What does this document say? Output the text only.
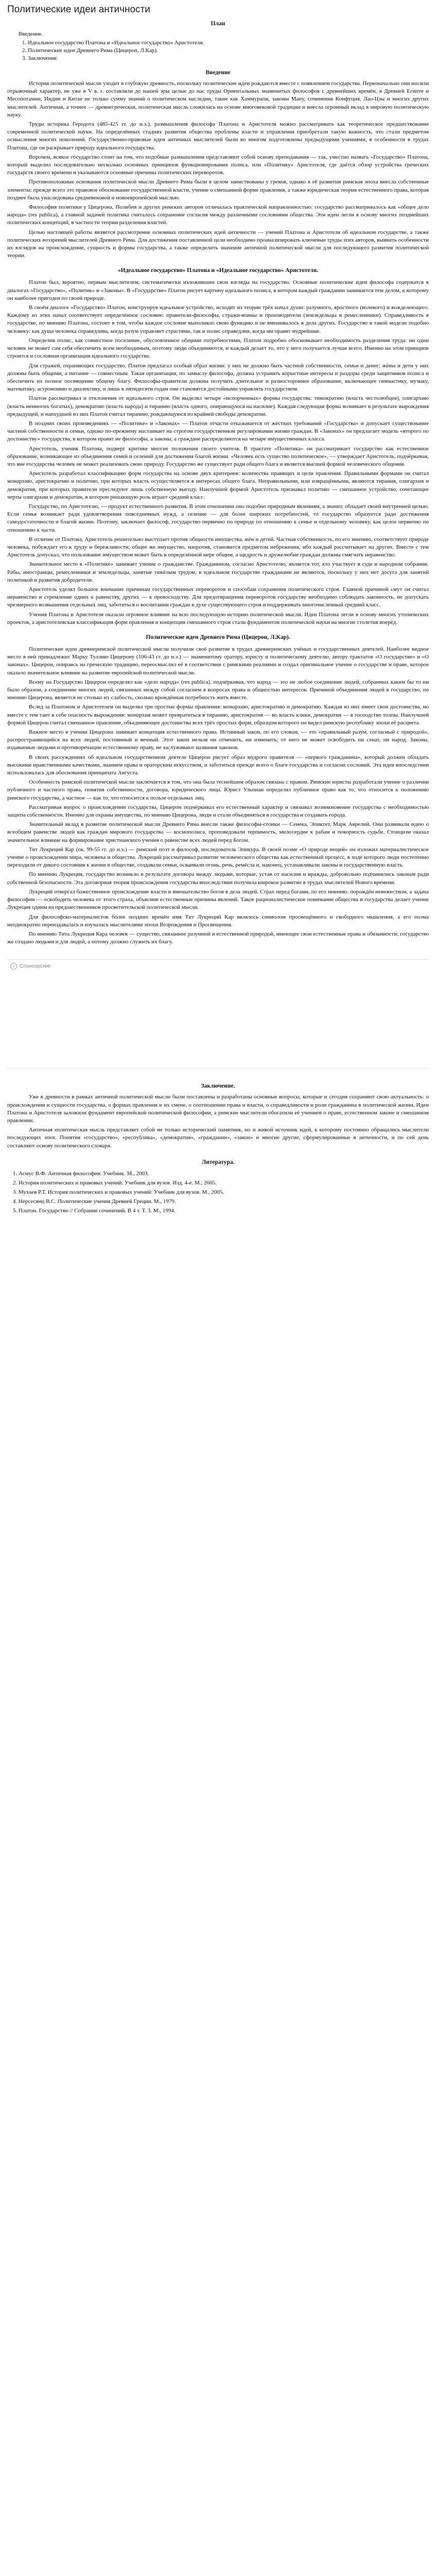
Политические идеи античности
План
Введение.
1. Идеальное государство Платона и «Идеальное государство» Аристотеля.
2. Политические идеи Древнего Рима (Цицерон, Л.Кар).
3. Заключение.
Введение

История политической мысли уходит в глубокую древность, поскольку политические идеи рождаются вместе с появлением государства. Первоначально они носили отрывочный характер, не уже в V в. г. составляли до нашей эры целые до нас труды Ориентальных знаменитых философов с древнейших времён, в Древней Египте и Месопотамии, Индии и Китае не только сумму знаний о политическом наследии, такие как Хаммурапи, законы Ману, сочинения Конфуция, Лао-Цзы и многих других мыслителей. Античная, а точнее — древнегреческая, политическая мысль сложилась на основе многовековой традиции и внесла огромный вклад в мировую политическую науку.

Труды историка Геродота (485-425 гг. до н.э.), размышления философа Платона и Аристотеля можно рассматривать как теоретическое предшествование современной политической науки. На определённых стадиях развития общества проблемы власти и управления приобретали такую важность, что стали предметом осмысления многих поколений. Государственно-правовые идеи античных мыслителей были во многом подготовлены предыдущими учениями, в особенности в трудах Платона, где он раскрывает природу идеального государства.

Впрочем, всякое государство стоит на том, что подобные размышления представляют собой основу преподавания — так, уместно назвать «Государство» Платона, который выделил последовательно несколько основных принципов функционирования полиса, или «Политику» Аристотеля, где даётся обзор устройства греческих государств своего времени и указываются основные причины политических переворотов.

Противоположные основания политической мысли Древнего Рима были в целом заимствованы у греков, однако в её развитии римская эпоха внесла собственные элементы: прежде всего это правовое обоснование государственной власти, учение о смешанной форме правления, а также юридическая теория естественного права, которая позднее была унаследована средневековой и новоевропейской мыслью.

Философия политики у Цицерона, Полибия и других римских авторов отличалась практической направленностью: государство рассматривалось как «общее дело народа» (res publica), а главной задачей политика считалось сохранение согласия между различными сословиями общества. Эти идеи легли в основу многих позднейших политических концепций, в частности теории разделения властей.

Целью настоящей работы является рассмотрение основных политических идей античности — учений Платона и Аристотеля об идеальном государстве, а также политических воззрений мыслителей Древнего Рима. Для достижения поставленной цели необходимо проанализировать ключевые труды этих авторов, выявить особенности их взглядов на происхождение, сущность и формы государства, а также определить значение античной политической мысли для последующего развития политической теории.

«Идеальное государство» Платона и «Идеальное государство» Аристотеля.

Платон был, вероятно, первым мыслителем, систематически изложившим свои взгляды на государство. Основные политические идеи философа содержатся в диалогах «Государство», «Политик» и «Законы». В «Государстве» Платон рисует картину идеального полиса, в котором каждый гражданин занимается тем делом, к которому он наиболее пригоден по своей природе.

В своём диалоге «Государство» Платон, конструируя идеальное устройство, исходит из теории трёх начал души: разумного, яростного (волевого) и вожделеющего. Каждому из этих начал соответствует определённое сословие: правители-философы, стражи-воины и производители (земледельцы и ремесленники). Справедливость в государстве, по мнению Платона, состоит в том, чтобы каждое сословие выполняло свою функцию и не вмешивалось в дела других. Государство в такой модели подобно человеку: как душа человека справедлива, когда разум управляет страстями, так и полис справедлив, когда им правят мудрейшие.

Определив полис, как совместное поселение, обусловленное общими потребностями, Платон подробно обосновывает необходимость разделения труда: ни один человек не может сам себя обеспечить всем необходимым, поэтому люди объединяются, и каждый делает то, что у него получается лучше всего. Именно на этом принципе строится и сословная организация идеального государства.

Для стражей, охраняющих государство, Платон предлагал особый образ жизни: у них не должно быть частной собственности, семьи и денег; жёны и дети у них должны быть общими, а питание — совместным. Такая организация, по замыслу философа, должна устранить корыстные интересы и раздоры среди защитников полиса и обеспечить их полное посвящение общему благу. Философы-правители должны получить длительное и разностороннее образование, включающее гимнастику, музыку, математику, астрономию и диалектику, и лишь к пятидесяти годам они становятся достойными управлять государством.

Платон рассматривал и отклонения от идеального строя. Он выделял четыре «испорченных» формы государства: тимократию (власть честолюбцев), олигархию (власть немногих богатых), демократию (власть народа) и тиранию (власть одного, опирающуюся на насилие). Каждая следующая форма возникает в результате вырождения предыдущей, и наихудшей из них Платон считал тиранию, рождающуюся из крайней свободы демократии.

В поздних своих произведениях — «Политике» и «Законах» — Платон отчасти отказывается от жёстких требований «Государства» и допускает существование частной собственности и семьи, однако по-прежнему настаивает на строгом государственном регулировании жизни граждан. В «Законах» он предлагает модель «второго по достоинству» государства, в котором правят не философы, а законы, а граждане распределяются на четыре имущественных класса.

Аристотель, ученик Платона, подверг критике многие положения своего учителя. В трактате «Политика» он рассматривает государство как естественное образование, возникающее из объединения семей и селений для достижения благой жизни. «Человек есть существо политическое», — утверждает Аристотель, подчёркивая, что вне государства человек не может реализовать свою природу. Государство же существует ради общего блага и является высшей формой человеческого общения.

Аристотель разработал классификацию форм государства на основе двух критериев: количества правящих и цели правления. Правильными формами он считал монархию, аристократию и политию, при которых власть осуществляется в интересах общего блага. Неправильными, или извращёнными, являются тирания, олигархия и демократия, при которых правители преследуют лишь собственную выгоду. Наилучшей формой Аристотель признавал политию — смешанное устройство, сочетающее черты олигархии и демократии, в котором решающую роль играет средний класс.

Государство, по Аристотелю, — продукт естественного развития. В этом отношении оно подобно природным явлениям, а значит, обладает своей внутренней целью. Если семья возникает ради удовлетворения повседневных нужд, а селение — для более широких потребностей, то государство образуется ради достижения самодостаточности и благой жизни. Поэтому, заключает философ, государство первично по природе по отношению к семье и отдельному человеку, как целое первично по отношению к части.

В отличие от Платона, Аристотель решительно выступает против общности имущества, жён и детей. Частная собственность, по его мнению, соответствует природе человека, побуждает его к труду и бережливости; общее же имущество, напротив, становится предметом небрежения, ибо каждый рассчитывает на других. Вместе с тем Аристотель допускал, что пользование имуществом может быть в определённой мере общим, а щедрость и дружелюбие граждан должны смягчать неравенство.

Значительное место в «Политике» занимает учение о гражданстве. Гражданином, согласно Аристотелю, является тот, кто участвует в суде и народном собрании. Рабы, иностранцы, ремесленники и земледельцы, занятые тяжёлым трудом, в идеальном государстве гражданами не являются, поскольку у них нет досуга для занятий политикой и развития добродетели.

Аристотель уделял большое внимание причинам государственных переворотов и способам сохранения политического строя. Главной причиной смут он считал неравенство и стремление одних к равенству, других — к превосходству. Для предотвращения переворотов государству необходимо соблюдать законность, не допускать чрезмерного возвышения отдельных лиц, заботиться о воспитании граждан в духе существующего строя и поддерживать многочисленный средний класс.

Учения Платона и Аристотеля оказали огромное влияние на всю последующую историю политической мысли. Идеи Платона легли в основу многих утопических проектов, а аристотелевская классификация форм правления и концепция смешанного строя стали фундаментом политической науки на многие столетия вперёд.

Политические идеи Древнего Рима (Цицерон, Л.Кар).

Политические идеи древнеримской политической мысли получили своё развитие в трудах древнеримских учёных и государственных деятелей. Наиболее видное место в ней принадлежит Марку Туллию Цицерону (106-43 гг. до н.э.) — знаменитому оратору, юристу и политическому деятелю, автору трактатов «О государстве» и «О законах». Цицерон, опираясь на греческую традицию, переосмыслил её в соответствии с римскими реалиями и создал оригинальное учение о государстве и праве, которое оказало значительное влияние на развитие европейской политической мысли.

Всему на Государство Цицерон определял как «дело народа» (res publica), подчёркивая, что народ — это не любое соединение людей, собранных каким бы то ни было образом, а соединение многих людей, связанных между собой согласием в вопросах права и общностью интересов. Причиной объединения людей в государство, по мнению Цицерона, является не столько их слабость, сколько врождённая потребность жить вместе.

Вслед за Платоном и Аристотелем он выделял три простые формы правления: монархию, аристократию и демократию. Каждая из них имеет свои достоинства, но вместе с тем таит в себе опасность вырождения: монархия может превратиться в тиранию, аристократия — во власть клики, демократия — в господство толпы. Наилучшей формой Цицерон считал смешанное правление, объединяющее достоинства всех трёх простых форм, образцом которого он видел римскую республику эпохи её расцвета.

Важное место в учении Цицерона занимает концепция естественного права. Истинный закон, по его словам, — это «правильный разум, согласный с природой», распространяющийся на всех людей, постоянный и вечный. Этот закон нельзя ни отменить, ни изменить; от него не может освободить ни сенат, ни народ. Законы, издаваемые людьми и противоречащие естественному праву, не заслуживают названия законов.

В своих рассуждениях об идеальном государственном деятеле Цицерон рисует образ мудрого правителя — «первого гражданина», который должен обладать высокими нравственными качествами, знанием права и ораторским искусством, и заботиться прежде всего о благе государства и согласии сословий. Эта идея впоследствии использовалась для обоснования принципата Августа.

Особенность римской политической мысли заключается в том, что она была теснейшим образом связана с правом. Римские юристы разработали учение о различии публичного и частного права, понятия собственности, договора, юридического лица. Юрист Ульпиан определял публичное право как то, что относится к положению римского государства, а частное — как то, что относится к пользе отдельных лиц.

Рассматривая вопрос о происхождении государства, Цицерон подчёркивал его естественный характер и связывал возникновение государства с необходимостью защиты собственности. Именно для охраны имущества, по мнению Цицерона, люди и стали объединяться в государства и создавать города.

Значительный вклад в развитие политической мысли Древнего Рима внесли также философы-стоики — Сенека, Эпиктет, Марк Аврелий. Они развивали идею о всеобщем равенстве людей как граждан мирового государства — космополиса, проповедовали терпимость, милосердие к рабам и покорность судьбе. Стоицизм оказал значительное влияние на формирование христианского учения о равенстве всех людей перед Богом.

Тит Лукреций Кар (ок. 99-55 гг. до н.э.) — римский поэт и философ, последователь Эпикура. В своей поэме «О природе вещей» он изложил материалистическое учение о происхождении мира, человека и общества. Лукреций рассматривал развитие человеческого общества как естественный процесс, в ходе которого люди постепенно переходили от дикого состояния к жизни в обществе, создавали семьи, осваивали огонь, речь, ремёсла и, наконец, устанавливали законы и государственную власть.

По мнению Лукреция, государство возникло в результате договора между людьми, которые, устав от насилия и вражды, добровольно подчинились законам ради собственной безопасности. Эта договорная теория происхождения государства впоследствии получила широкое развитие в трудах мыслителей Нового времени.

Лукреций отвергал божественное происхождение власти и вмешательство богов в дела людей. Страх перед богами, по его мнению, порождён невежеством, а задача философии — освободить человека от этого страха, объяснив естественные причины явлений. Такое рационалистическое понимание общества и государства делает учение Лукреция одним из предшественников просветительской политической мысли.

Для философско-материалистов более поздних времён имя Тит Лукреций Кар являлось символом просвещённого и свободного мышления, а его поэма неоднократно переиздавалась и изучалась мыслителями эпохи Возрождения и Просвещения.

По мнению Тита Лукреция Кара человек — существо, связанное разумной и естественной природой, имеющее свои естественные права и обязанности; государство же создано людьми и для людей, а потому должно служить их благу.

i	Спонсорские
Заключение.

Уже в древности в рамках античной политической мысли были поставлены и разработаны основные вопросы, которые и сегодня сохраняют свою актуальность: о происхождении и сущности государства, о формах правления и их смене, о соотношении права и власти, о справедливости и роли гражданина в политической жизни. Идеи Платона и Аристотеля заложили фундамент европейской политической философии, а римские мыслители обогатили её учением о праве, естественном законе и смешанном правлении.

Античная политическая мысль представляет собой не только исторический памятник, но и живой источник идей, к которому постоянно обращались мыслители последующих эпох. Понятия «государство», «республика», «демократия», «гражданин», «закон» и многие другие, сформулированные в античности, и по сей день составляют основу политического словаря.

Литература.
1. Асмус В.Ф. Античная философия: Учебник. М., 2003.
2. История политических и правовых учений. Учебник для вузов. Изд. 4-е. М., 2005.
3. Мухаев Р.Т. История политических и правовых учений: Учебник для вузов. М., 2005.
4. Нерсесянц В.С. Политические учения Древней Греции. М., 1979.
5. Платон. Государство // Собрание сочинений. В 4 т. Т. 3. М., 1994.
